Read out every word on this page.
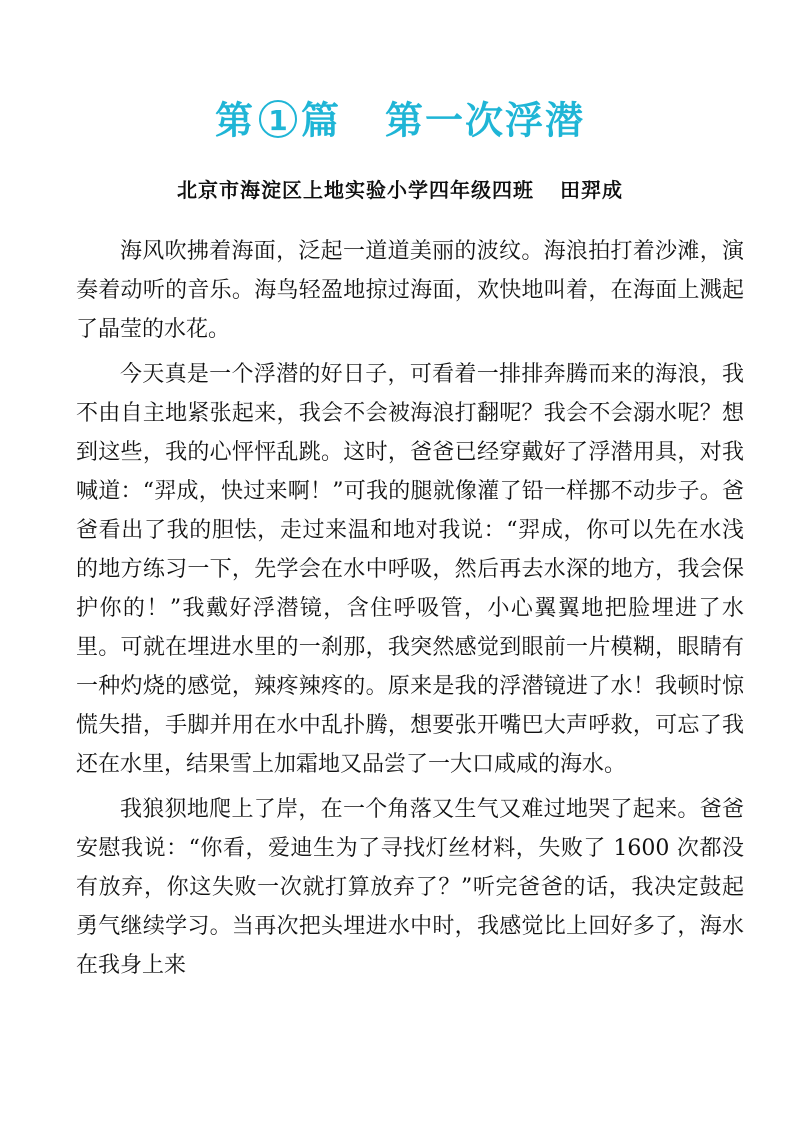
第 1 篇 第一次浮潜
北京市海淀区上地实验小学四年级四班 田羿成

海风吹拂着海面，泛起一道道美丽的波纹。海浪拍打着沙滩，演奏着动听的音乐。海鸟轻盈地掠过海面，欢快地叫着，在海面上溅起了晶莹的水花。

今天真是一个浮潜的好日子，可看着一排排奔腾而来的海浪，我不由自主地紧张起来，我会不会被海浪打翻呢？我会不会溺水呢？想到这些，我的心怦怦乱跳。这时，爸爸已经穿戴好了浮潜用具，对我喊道：“羿成，快过来啊！”可我的腿就像灌了铅一样挪不动步子。爸爸看出了我的胆怯，走过来温和地对我说：“羿成，你可以先在水浅的地方练习一下，先学会在水中呼吸，然后再去水深的地方，我会保护你的！”我戴好浮潜镜，含住呼吸管，小心翼翼地把脸埋进了水里。可就在埋进水里的一刹那，我突然感觉到眼前一片模糊，眼睛有一种灼烧的感觉，辣疼辣疼的。原来是我的浮潜镜进了水！我顿时惊慌失措，手脚并用在水中乱扑腾，想要张开嘴巴大声呼救，可忘了我还在水里，结果雪上加霜地又品尝了一大口咸咸的海水。

我狼狈地爬上了岸，在一个角落又生气又难过地哭了起来。爸爸安慰我说：“你看，爱迪生为了寻找灯丝材料，失败了 1600 次都没有放弃，你这失败一次就打算放弃了？”听完爸爸的话，我决定鼓起勇气继续学习。当再次把头埋进水中时，我感觉比上回好多了，海水在我身上来
